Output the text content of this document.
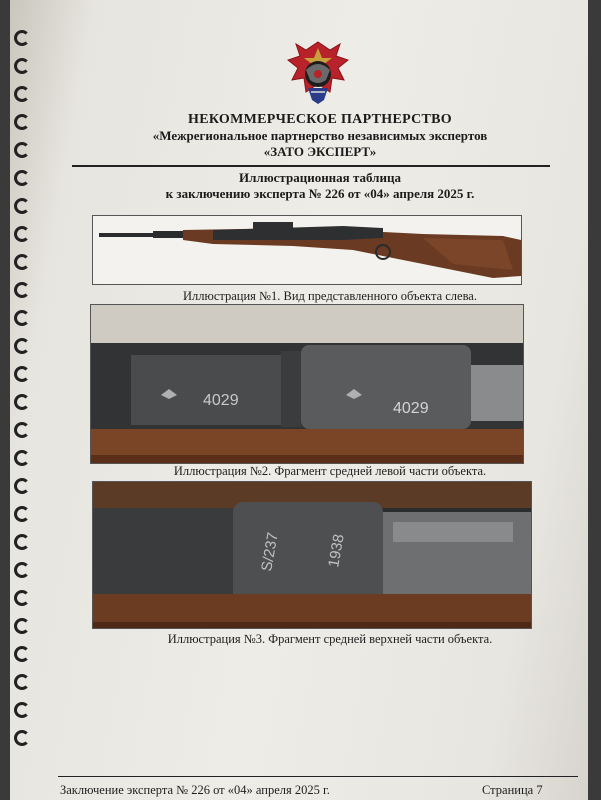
НЕКОММЕРЧЕСКОЕ ПАРТНЕРСТВО
«Межрегиональное партнерство независимых экспертов
«ЗАТО ЭКСПЕРТ»
Иллюстрационная таблица
к заключению эксперта № 226 от «04» апреля 2025 г.
Иллюстрация №1. Вид представленного объекта слева.
4029	4029
Иллюстрация №2. Фрагмент средней левой части объекта.
S/237	1938
Иллюстрация №3. Фрагмент средней верхней части объекта.
Заключение эксперта № 226 от «04» апреля 2025 г.	Страница 7
